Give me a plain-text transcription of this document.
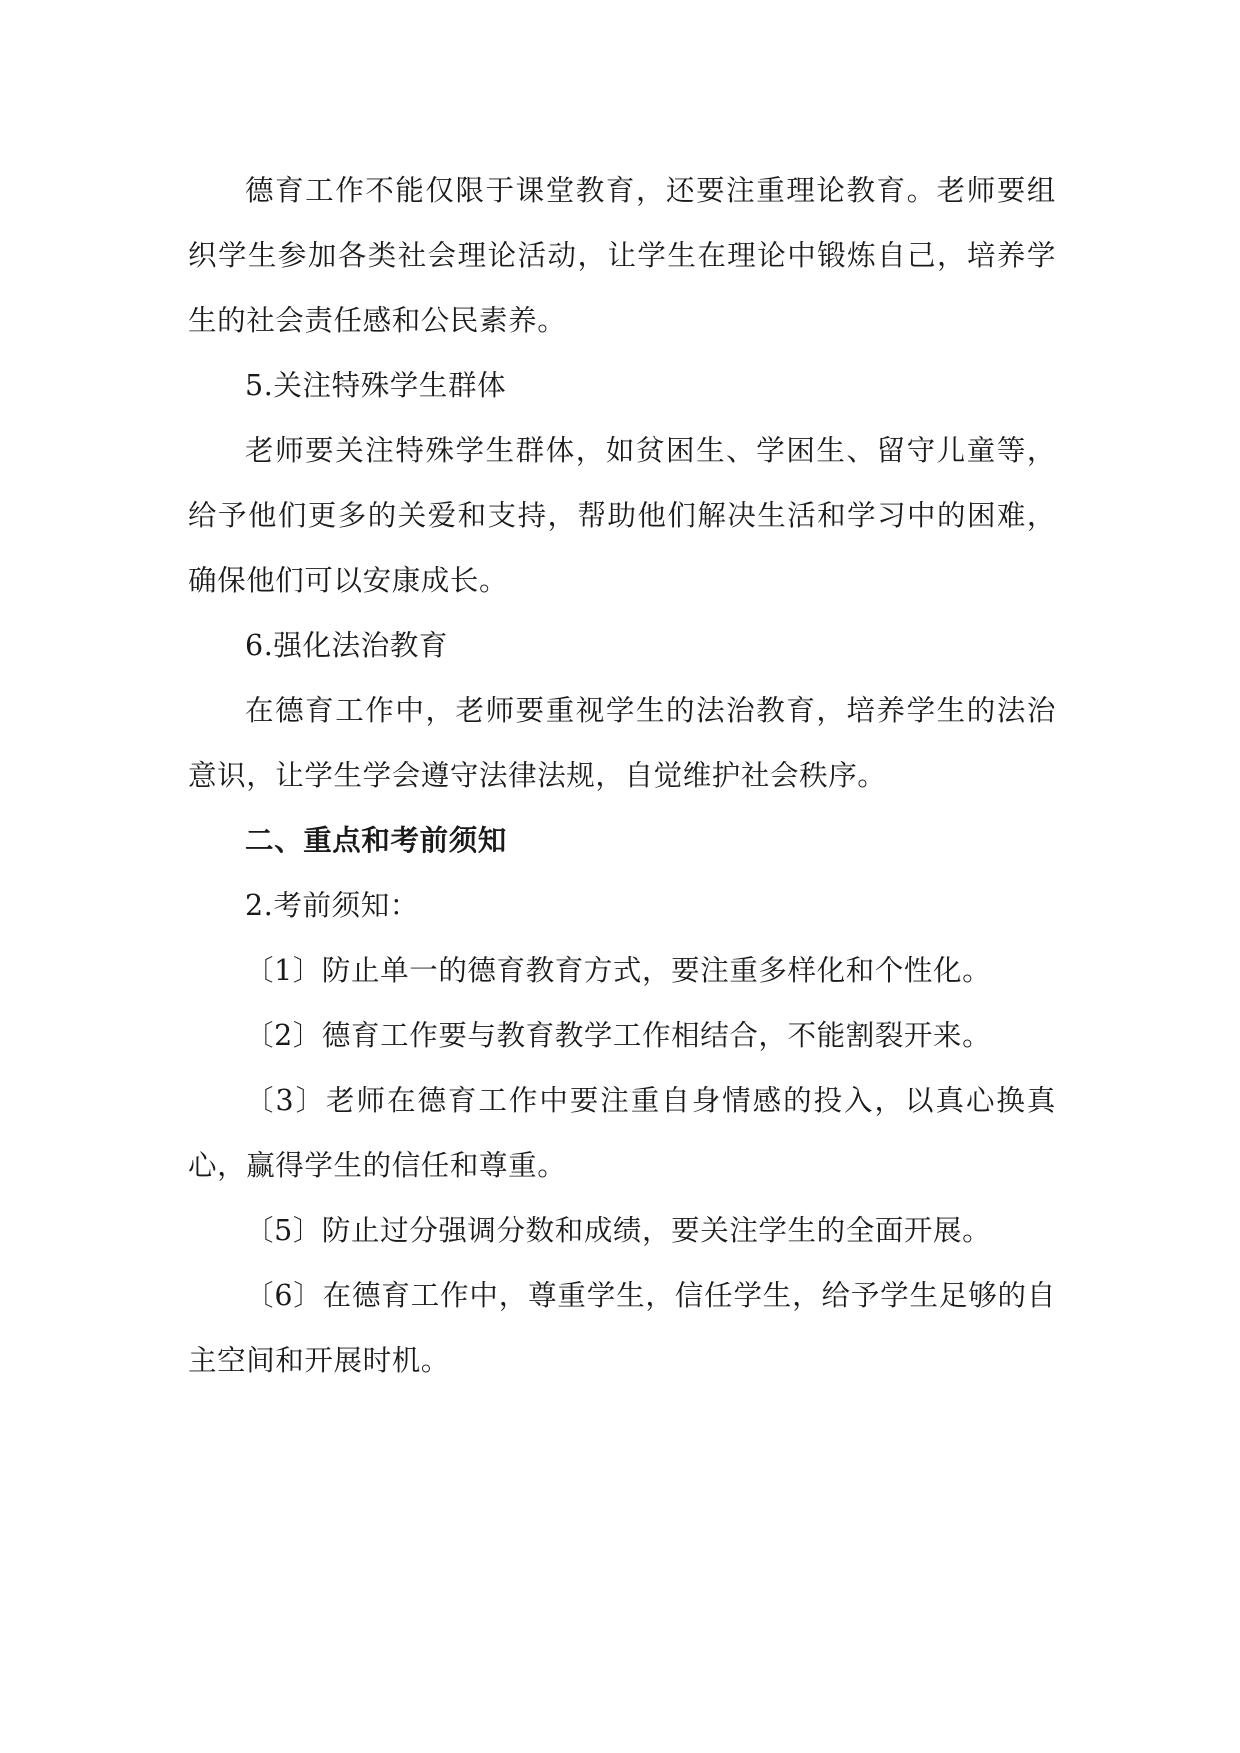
德育工作不能仅限于课堂教育，还要注重理论教育。老师要组织学生参加各类社会理论活动，让学生在理论中锻炼自己，培养学生的社会责任感和公民素养。

5.关注特殊学生群体

老师要关注特殊学生群体，如贫困生、学困生、留守儿童等，给予他们更多的关爱和支持，帮助他们解决生活和学习中的困难，确保他们可以安康成长。

6.强化法治教育

在德育工作中，老师要重视学生的法治教育，培养学生的法治意识，让学生学会遵守法律法规，自觉维护社会秩序。

二、重点和考前须知

2.考前须知：

〔1〕防止单一的德育教育方式，要注重多样化和个性化。

〔2〕德育工作要与教育教学工作相结合，不能割裂开来。

〔3〕老师在德育工作中要注重自身情感的投入，以真心换真心，赢得学生的信任和尊重。

〔5〕防止过分强调分数和成绩，要关注学生的全面开展。

〔6〕在德育工作中，尊重学生，信任学生，给予学生足够的自主空间和开展时机。
